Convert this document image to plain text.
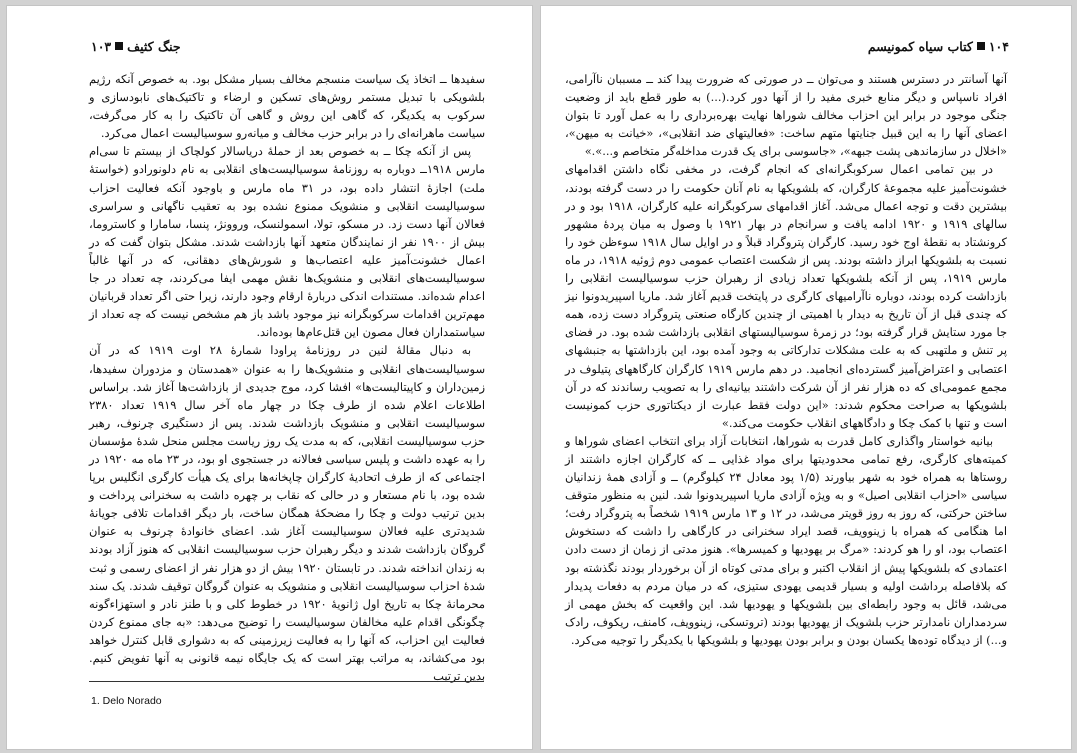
جنگ کثیف
۱۰۳

سفیدها ــ اتخاذ یک سیاست منسجم مخالف بسیار مشکل بود. به خصوص آنکه رژیم بلشویکی با تبدیل مستمر روش‌های تسکین و ارضاء و تاکتیک‌های نابودسازی و سرکوب به یکدیگر، که گاهی این روش و گاهی آن تاکتیک را به کار می‌گرفت، سیاست ماهرانه‌ای را در برابر حزب مخالف و میانه‌رو سوسیالیست اعمال می‌کرد.

پس از آنکه چکا ــ به خصوص بعد از حملهٔ دریاسالار کولچاک از بیستم تا سی‌ام مارس ۱۹۱۸ــ دوباره به روزنامهٔ سوسیالیست‌های انقلابی به نام دلونورادو (خواستهٔ ملت) اجازهٔ انتشار داده بود، در ۳۱ ماه مارس و باوجود آنکه فعالیت احزاب سوسیالیست انقلابی و منشویک ممنوع نشده بود به تعقیب ناگهانی و سراسری فعالان آنها دست زد. در مسکو، تولا، اسمولنسک، وروونژ، پنسا، سامارا و کاستروما، بیش از ۱۹۰۰ نفر از نمایندگان متعهد آنها بازداشت شدند. مشکل بتوان گفت که در اعمال خشونت‌آمیز علیه اعتصاب‌ها و شورش‌های دهقانی، که در آنها غالباً سوسیالیست‌های انقلابی و منشویک‌ها نقش مهمی ایفا می‌کردند، چه تعداد در جا اعدام شده‌اند. مستندات اندکی دربارهٔ ارقام وجود دارند، زیرا حتی اگر تعداد قربانیان مهم‌ترین اقدامات سرکوبگرانه نیز موجود باشد باز هم مشخص نیست که چه تعداد از سیاستمداران فعال مصون این قتل‌عام‌ها بوده‌اند.

به دنبال مقالهٔ لنین در روزنامهٔ پراودا شمارهٔ ۲۸ اوت ۱۹۱۹ که در آن سوسیالیست‌های انقلابی و منشویک‌ها را به عنوان «همدستان و مزدوران سفیدها، زمین‌داران و کاپیتالیست‌ها» افشا کرد، موج جدیدی از بازداشت‌ها آغاز شد. براساس اطلاعات اعلام شده از طرف چکا در چهار ماه آخر سال ۱۹۱۹ تعداد ۲۳۸۰ سوسیالیست انقلابی و منشویک بازداشت شدند. پس از دستگیری چرنوف، رهبر حزب سوسیالیست انقلابی، که به مدت یک روز ریاست مجلس منحل شدهٔ مؤسسان را به عهده داشت و پلیس سیاسی فعالانه در جستجوی او بود، در ۲۳ ماه مه ۱۹۲۰ در اجتماعی که از طرف اتحادیهٔ کارگران چاپخانه‌ها برای یک هیأت کارگری انگلیس برپا شده بود، با نام مستعار و در حالی که نقاب بر چهره داشت به سخنرانی پرداخت و بدین ترتیب دولت و چکا را مضحکهٔ همگان ساخت، بار دیگر اقدامات تلافی جویانهٔ شدیدتری علیه فعالان سوسیالیست آغاز شد. اعضای خانوادهٔ چرنوف به عنوان گروگان بازداشت شدند و دیگر رهبران حزب سوسیالیست انقلابی که هنوز آزاد بودند به زندان انداخته شدند. در تابستان ۱۹۲۰ بیش از دو هزار نفر از اعضای رسمی و ثبت شدهٔ احزاب سوسیالیست انقلابی و منشویک به عنوان گروگان توقیف شدند. یک سند محرمانهٔ چکا به تاریخ اول ژانویهٔ ۱۹۲۰ در خطوط کلی و با طنز نادر و استهزاءگونه چگونگی اقدام علیه مخالفان سوسیالیست را توضیح می‌دهد: «به جای ممنوع کردن فعالیت این احزاب، که آنها را به فعالیت زیرزمینی که به دشواری قابل کنترل خواهد بود می‌کشاند، به مراتب بهتر است که یک جایگاه نیمه قانونی به آنها تفویض کنیم. بدین ترتیب

1. Delo Norado
۱۰۴
کتاب سیاه کمونیسم

آنها آسانتر در دسترس هستند و می‌توان ــ در صورتی که ضرورت پیدا کند ــ مسببان ناآرامی، افراد ناسپاس و دیگر منابع خبری مفید را از آنها دور کرد.(...) به طور قطع باید از وضعیت جنگی موجود در برابر این احزاب مخالف شوراها نهایت بهره‌برداری را به عمل آورد تا بتوان اعضای آنها را به این قبیل جنایتها متهم ساخت: «فعالیتهای ضد انقلابی»، «خیانت به میهن»، «اخلال در سازماندهی پشت جبهه»، «جاسوسی برای یک قدرت مداخله‌گر متخاصم و...».»

در بین تمامی اعمال سرکوبگرانه‌ای که انجام گرفت، در مخفی نگاه داشتن اقدامهای خشونت‌آمیز علیه مجموعهٔ کارگران، که بلشویکها به نام آنان حکومت را در دست گرفته بودند، بیشترین دقت و توجه اعمال می‌شد. آغاز اقدامهای سرکوبگرانه علیه کارگران، ۱۹۱۸ بود و در سالهای ۱۹۱۹ و ۱۹۲۰ ادامه یافت و سرانجام در بهار ۱۹۲۱ با وصول به میان پردهٔ مشهور کرونشتاد به نقطهٔ اوج خود رسید. کارگران پتروگراد قبلاً و در اوایل سال ۱۹۱۸ سوءظن خود را نسبت به بلشویکها ابراز داشته بودند. پس از شکست اعتصاب عمومی دوم ژوئیه ۱۹۱۸، در ماه مارس ۱۹۱۹، پس از آنکه بلشویکها تعداد زیادی از رهبران حزب سوسیالیست انقلابی را بازداشت کرده بودند، دوباره ناآرامیهای کارگری در پایتخت قدیم آغاز شد. ماریا اسپیریدونوا نیز که چندی قبل از آن تاریخ به دیدار با اهمیتی از چندین کارگاه صنعتی پتروگراد دست زده، همه جا مورد ستایش قرار گرفته بود؛ در زمرهٔ سوسیالیستهای انقلابی بازداشت شده بود. در فضای پر تنش و ملتهبی که به علت مشکلات تدارکاتی به وجود آمده بود، این بازداشتها به جنبشهای اعتصابی و اعتراض‌آمیز گسترده‌ای انجامید. در دهم مارس ۱۹۱۹ کارگران کارگاههای پتیلوف در مجمع عمومی‌ای که ده هزار نفر از آن شرکت داشتند بیانیه‌ای را به تصویب رساندند که در آن بلشویکها به صراحت محکوم شدند: «این دولت فقط عبارت از دیکتاتوری حزب کمونیست است و تنها با کمک چکا و دادگاههای انقلاب حکومت می‌کند.»

بیانیه خواستار واگذاری کامل قدرت به شوراها، انتخابات آزاد برای انتخاب اعضای شوراها و کمیته‌های کارگری، رفع تمامی محدودیتها برای مواد غذایی ــ که کارگران اجازه داشتند از روستاها به همراه خود به شهر بیاورند (۱/۵ پود معادل ۲۴ کیلوگرم) ــ و آزادی همهٔ زندانیان سیاسی «احزاب انقلابی اصیل» و به ویژه آزادی ماریا اسپیریدونوا شد. لنین به منظور متوقف ساختن حرکتی، که روز به روز قویتر می‌شد، در ۱۲ و ۱۳ مارس ۱۹۱۹ شخصاً به پتروگراد رفت؛ اما هنگامی که همراه با زینوویف، قصد ایراد سخنرانی در کارگاهی را داشت که دستخوش اعتصاب بود، او را هو کردند: «مرگ بر یهودیها و کمیسرها». هنوز مدتی از زمان از دست دادن اعتمادی که بلشویکها پیش از انقلاب اکتبر و برای مدتی کوتاه از آن برخوردار بودند نگذشته بود که بلافاصله برداشت اولیه و بسیار قدیمی یهودی ستیزی، که در میان مردم به دفعات پدیدار می‌شد، قائل به وجود رابطه‌ای بین بلشویکها و یهودیها شد. این واقعیت که بخش مهمی از سردمداران نامدارتر حزب بلشویک از یهودیها بودند (تروتسکی، زینوویف، کامنف، ریکوف، رادک و...) از دیدگاه توده‌ها یکسان بودن و برابر بودن یهودیها و بلشویکها با یکدیگر را توجیه می‌کرد.
